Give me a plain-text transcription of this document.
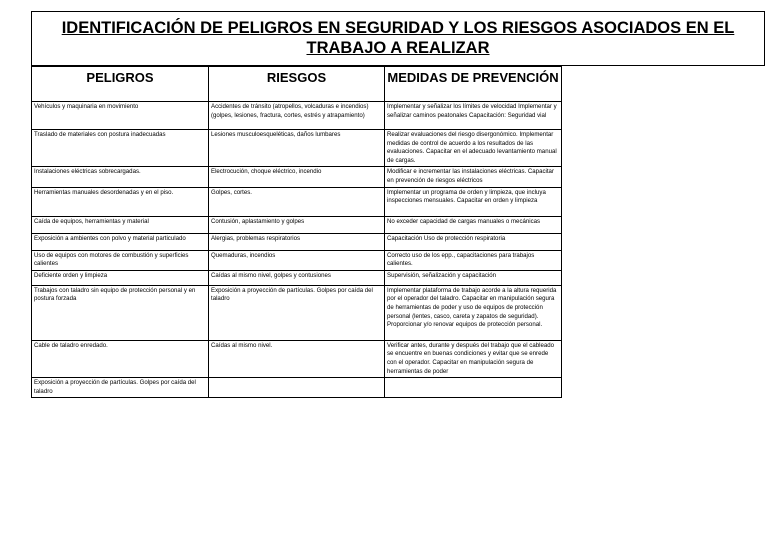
IDENTIFICACIÓN DE PELIGROS EN SEGURIDAD Y LOS RIESGOS ASOCIADOS EN EL TRABAJO A REALIZAR
PELIGROS	RIESGOS	MEDIDAS DE PREVENCIÓN
Vehículos y maquinaria en movimiento	Accidentes de tránsito (atropellos, volcaduras e incendios) (golpes, lesiones, fractura, cortes, estrés y atrapamiento)	Implementar y señalizar los límites de velocidad Implementar y señalizar caminos peatonales Capacitación: Seguridad vial
Traslado de materiales con postura inadecuadas	Lesiones musculoesqueléticas, daños lumbares	Realizar evaluaciones del riesgo disergonómico. Implementar medidas de control de acuerdo a los resultados de las evaluaciones. Capacitar en el adecuado levantamiento manual de cargas.
Instalaciones eléctricas sobrecargadas.	Electrocución, choque eléctrico, incendio	Modificar e incrementar las instalaciones eléctricas. Capacitar en prevención de riesgos eléctricos
Herramientas manuales desordenadas y en el piso.	Golpes, cortes.	Implementar un programa de orden y limpieza, que incluya inspecciones mensuales. Capacitar en orden y limpieza
Caída de equipos, herramientas y material	Contusión, aplastamiento y golpes	No exceder capacidad de cargas manuales o mecánicas
Exposición a ambientes con polvo y material particulado	Alergias, problemas respiratorios	Capacitación Uso de protección respiratoria
Uso de equipos con motores de combustión y superficies calientes	Quemaduras, incendios	Correcto uso de los epp., capacitaciones para trabajos calientes.
Deficiente orden y limpieza	Caídas al mismo nivel, golpes y contusiones	Supervisión, señalización y capacitación
Trabajos con taladro sin equipo de protección personal y en postura forzada	Exposición a proyección de partículas. Golpes por caída del taladro	Implementar plataforma de trabajo acorde a la altura requerida por el operador del taladro. Capacitar en manipulación segura de herramientas de poder y uso de equipos de protección personal (lentes, casco, careta y zapatos de seguridad). Proporcionar y/o renovar equipos de protección personal.
Cable de taladro enredado.	Caídas al mismo nivel.	Verificar antes, durante y después del trabajo que el cableado se encuentre en buenas condiciones y evitar que se enrede con el operador. Capacitar en manipulación segura de herramientas de poder
Exposición a proyección de partículas. Golpes por caída del taladro		
